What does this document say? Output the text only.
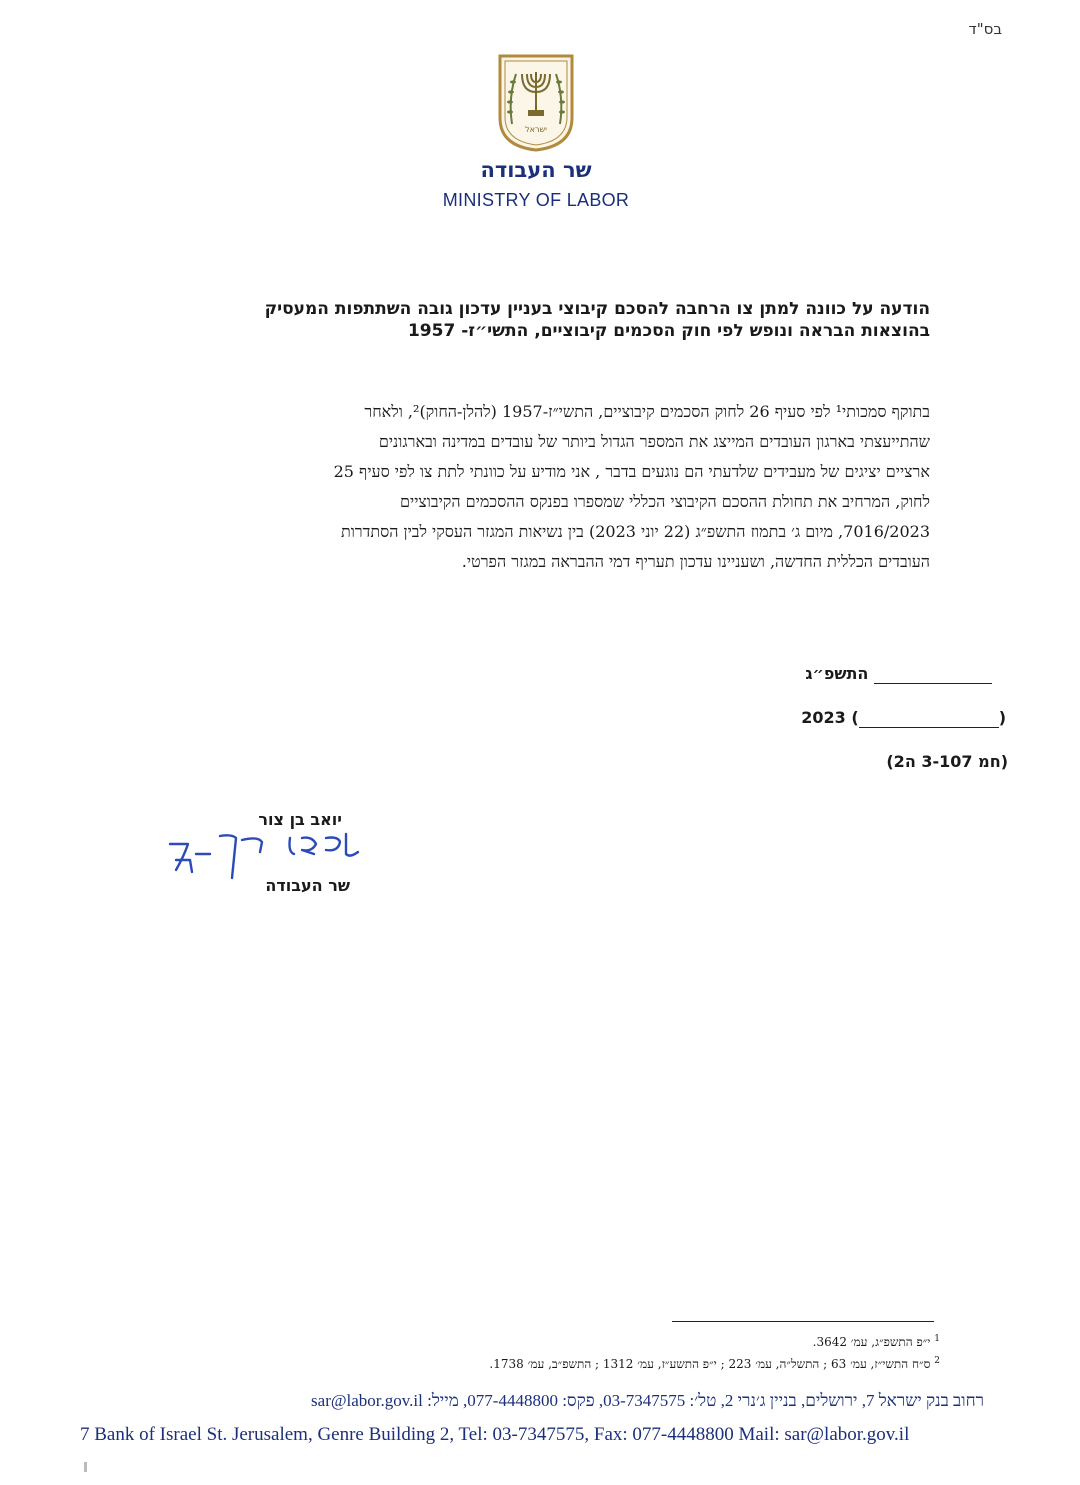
בס"ד
ישראל
שר העבודה
MINISTRY OF LABOR
הודעה על כוונה למתן צו הרחבה להסכם קיבוצי בעניין עדכון גובה השתתפות המעסיק
בהוצאות הבראה ונופש לפי חוק הסכמים קיבוציים, התשי״ז- 1957
בתוקף סמכותי¹ לפי סעיף 26 לחוק הסכמים קיבוציים, התשי״ז-1957 (להלן-החוק)², ולאחר
שהתייעצתי בארגון העובדים המייצג את המספר הגדול ביותר של עובדים במדינה ובארגונים
ארציים יציגים של מעבידים שלדעתי הם נוגעים בדבר , אני מודיע על כוונתי לתת צו לפי סעיף 25
לחוק, המרחיב את תחולת ההסכם הקיבוצי הכללי שמספרו בפנקס ההסכמים הקיבוציים
7016/2023, מיום ג׳ בתמוז התשפ״ג (22 יוני 2023) בין נשיאות המגזר העסקי לבין הסתדרות
העובדים הכללית החדשה, ושעניינו עדכון תעריף דמי ההבראה במגזר הפרטי.
התשפ״ג
2023 (	)
(חמ 3-107 ה2)
יואב בן צור
שר העבודה
$^1$ י״פ התשפ״ג, עמ׳ 3642.
$^2$ ס״ח התשי״ז, עמ׳ 63 ; התשל״ה, עמ׳ 223 ; י״פ התשע״ז, עמ׳ 1312 ; התשפ״ב, עמ׳ 1738.
רחוב בנק ישראל 7, ירושלים, בניין ג׳נרי 2, טל׳: 03-7347575, פקס: 077-4448800, מייל: sar@labor.gov.il
7 Bank of Israel St. Jerusalem, Genre Building 2, Tel: 03-7347575, Fax: 077-4448800 Mail: sar@labor.gov.il
